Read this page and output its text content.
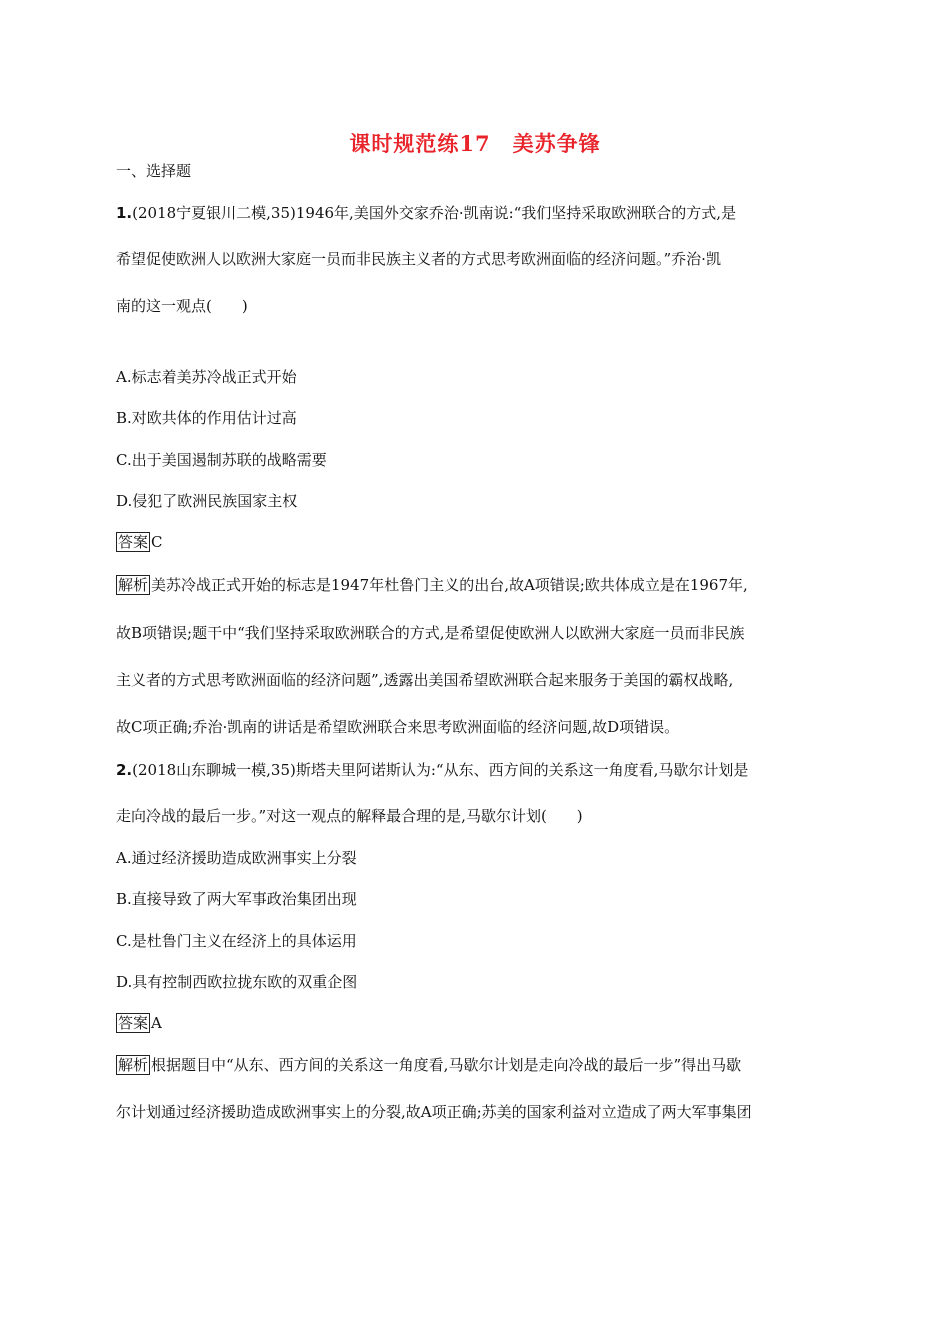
课时规范练17　美苏争锋
一、选择题
1.(2018宁夏银川二模,35)1946年,美国外交家乔治·凯南说:“我们坚持采取欧洲联合的方式,是
希望促使欧洲人以欧洲大家庭一员而非民族主义者的方式思考欧洲面临的经济问题。”乔治·凯
南的这一观点(　　)
A.标志着美苏冷战正式开始
B.对欧共体的作用估计过高
C.出于美国遏制苏联的战略需要
D.侵犯了欧洲民族国家主权
答案 C
解析 美苏冷战正式开始的标志是1947年杜鲁门主义的出台,故A项错误;欧共体成立是在1967年,
故B项错误;题干中“我们坚持采取欧洲联合的方式,是希望促使欧洲人以欧洲大家庭一员而非民族
主义者的方式思考欧洲面临的经济问题”,透露出美国希望欧洲联合起来服务于美国的霸权战略,
故C项正确;乔治·凯南的讲话是希望欧洲联合来思考欧洲面临的经济问题,故D项错误。
2.(2018山东聊城一模,35)斯塔夫里阿诺斯认为:“从东、西方间的关系这一角度看,马歇尔计划是
走向冷战的最后一步。”对这一观点的解释最合理的是,马歇尔计划(　　)
A.通过经济援助造成欧洲事实上分裂
B.直接导致了两大军事政治集团出现
C.是杜鲁门主义在经济上的具体运用
D.具有控制西欧拉拢东欧的双重企图
答案 A
解析 根据题目中“从东、西方间的关系这一角度看,马歇尔计划是走向冷战的最后一步”得出马歇
尔计划通过经济援助造成欧洲事实上的分裂,故A项正确;苏美的国家利益对立造成了两大军事集团
